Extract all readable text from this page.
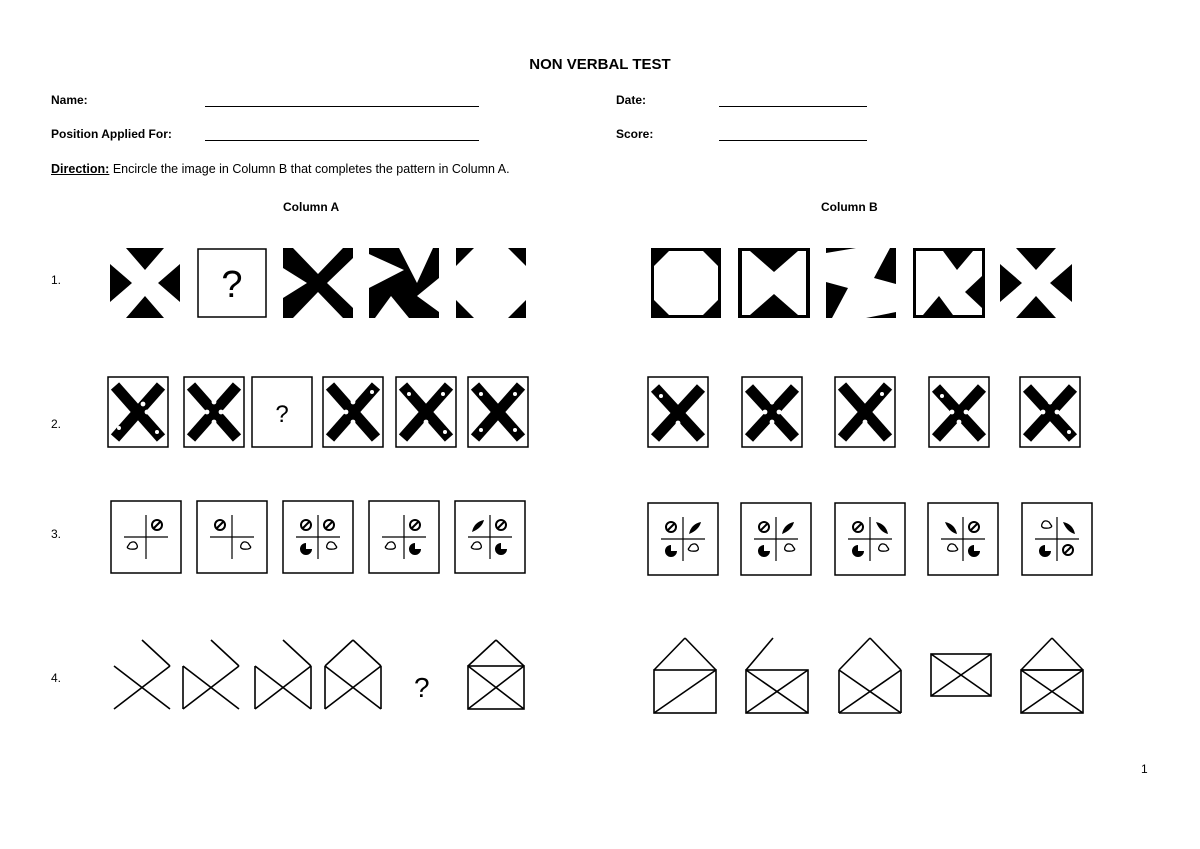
NON VERBAL TEST
Name:
Position Applied For:
Date:
Score:
Direction: Encircle the image in Column B that completes the pattern in Column A.
Column A	Column B
1.
2.
3.
4.
?
?
?
1
